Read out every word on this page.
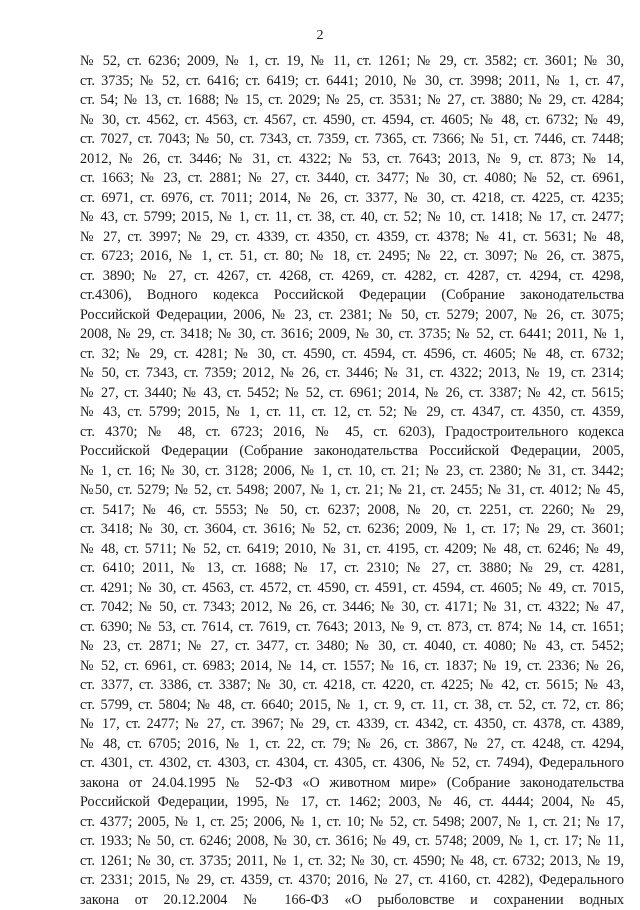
2
№ 52, ст. 6236; 2009, № 1, ст. 19, № 11, ст. 1261; № 29, ст. 3582; ст. 3601; № 30,
ст. 3735; № 52, ст. 6416; ст. 6419; ст. 6441; 2010, № 30, ст. 3998; 2011, № 1, ст. 47,
ст. 54; № 13, ст. 1688; № 15, ст. 2029; № 25, ст. 3531; № 27, ст. 3880; № 29, ст. 4284;
№ 30, ст. 4562, ст. 4563, ст. 4567, ст. 4590, ст. 4594, ст. 4605; № 48, ст. 6732; № 49,
ст. 7027, ст. 7043; № 50, ст. 7343, ст. 7359, ст. 7365, ст. 7366; № 51, ст. 7446, ст. 7448;
2012, № 26, ст. 3446; № 31, ст. 4322; № 53, ст. 7643; 2013, № 9, ст. 873; № 14,
ст. 1663; № 23, ст. 2881; № 27, ст. 3440, ст. 3477; № 30, ст. 4080; № 52, ст. 6961,
ст. 6971, ст. 6976, ст. 7011; 2014, № 26, ст. 3377, № 30, ст. 4218, ст. 4225, ст. 4235;
№ 43, ст. 5799; 2015, № 1, ст. 11, ст. 38, ст. 40, ст. 52; № 10, ст. 1418; № 17, ст. 2477;
№ 27, ст. 3997; № 29, ст. 4339, ст. 4350, ст. 4359, ст. 4378; № 41, ст. 5631; № 48,
ст. 6723; 2016, № 1, ст. 51, ст. 80; № 18, ст. 2495; № 22, ст. 3097; № 26, ст. 3875,
ст. 3890; № 27, ст. 4267, ст. 4268, ст. 4269, ст. 4282, ст. 4287, ст. 4294, ст. 4298,
ст.4306), Водного кодекса Российской Федерации (Собрание законодательства
Российской Федерации, 2006, № 23, ст. 2381; № 50, ст. 5279; 2007, № 26, ст. 3075;
2008, № 29, ст. 3418; № 30, ст. 3616; 2009, № 30, ст. 3735; № 52, ст. 6441; 2011, № 1,
ст. 32; № 29, ст. 4281; № 30, ст. 4590, ст. 4594, ст. 4596, ст. 4605; № 48, ст. 6732;
№ 50, ст. 7343, ст. 7359; 2012, № 26, ст. 3446; № 31, ст. 4322; 2013, № 19, ст. 2314;
№ 27, ст. 3440; № 43, ст. 5452; № 52, ст. 6961; 2014, № 26, ст. 3387; № 42, ст. 5615;
№ 43, ст. 5799; 2015, № 1, ст. 11, ст. 12, ст. 52; № 29, ст. 4347, ст. 4350, ст. 4359,
ст. 4370; № 48, ст. 6723; 2016, № 45, ст. 6203), Градостроительного кодекса
Российской Федерации (Собрание законодательства Российской Федерации, 2005,
№ 1, ст. 16; № 30, ст. 3128; 2006, № 1, ст. 10, ст. 21; № 23, ст. 2380; № 31, ст. 3442;
№50, ст. 5279; № 52, ст. 5498; 2007, № 1, ст. 21; № 21, ст. 2455; № 31, ст. 4012; № 45,
ст. 5417; № 46, ст. 5553; № 50, ст. 6237; 2008, № 20, ст. 2251, ст. 2260; № 29,
ст. 3418; № 30, ст. 3604, ст. 3616; № 52, ст. 6236; 2009, № 1, ст. 17; № 29, ст. 3601;
№ 48, ст. 5711; № 52, ст. 6419; 2010, № 31, ст. 4195, ст. 4209; № 48, ст. 6246; № 49,
ст. 6410; 2011, № 13, ст. 1688; № 17, ст. 2310; № 27, ст. 3880; № 29, ст. 4281,
ст. 4291; № 30, ст. 4563, ст. 4572, ст. 4590, ст. 4591, ст. 4594, ст. 4605; № 49, ст. 7015,
ст. 7042; № 50, ст. 7343; 2012, № 26, ст. 3446; № 30, ст. 4171; № 31, ст. 4322; № 47,
ст. 6390; № 53, ст. 7614, ст. 7619, ст. 7643; 2013, № 9, ст. 873, ст. 874; № 14, ст. 1651;
№ 23, ст. 2871; № 27, ст. 3477, ст. 3480; № 30, ст. 4040, ст. 4080; № 43, ст. 5452;
№ 52, ст. 6961, ст. 6983; 2014, № 14, ст. 1557; № 16, ст. 1837; № 19, ст. 2336; № 26,
ст. 3377, ст. 3386, ст. 3387; № 30, ст. 4218, ст. 4220, ст. 4225; № 42, ст. 5615; № 43,
ст. 5799, ст. 5804; № 48, ст. 6640; 2015, № 1, ст. 9, ст. 11, ст. 38, ст. 52, ст. 72, ст. 86;
№ 17, ст. 2477; № 27, ст. 3967; № 29, ст. 4339, ст. 4342, ст. 4350, ст. 4378, ст. 4389,
№ 48, ст. 6705; 2016, № 1, ст. 22, ст. 79; № 26, ст. 3867, № 27, ст. 4248, ст. 4294,
ст. 4301, ст. 4302, ст. 4303, ст. 4304, ст. 4305, ст. 4306, № 52, ст. 7494), Федерального
закона от 24.04.1995 № 52-ФЗ «О животном мире» (Собрание законодательства
Российской Федерации, 1995, № 17, ст. 1462; 2003, № 46, ст. 4444; 2004, № 45,
ст. 4377; 2005, № 1, ст. 25; 2006, № 1, ст. 10; № 52, ст. 5498; 2007, № 1, ст. 21; № 17,
ст. 1933; № 50, ст. 6246; 2008, № 30, ст. 3616; № 49, ст. 5748; 2009, № 1, ст. 17; № 11,
ст. 1261; № 30, ст. 3735; 2011, № 1, ст. 32; № 30, ст. 4590; № 48, ст. 6732; 2013, № 19,
ст. 2331; 2015, № 29, ст. 4359, ст. 4370; 2016, № 27, ст. 4160, ст. 4282), Федерального
закона от 20.12.2004 № 166-ФЗ «О рыболовстве и сохранении водных
